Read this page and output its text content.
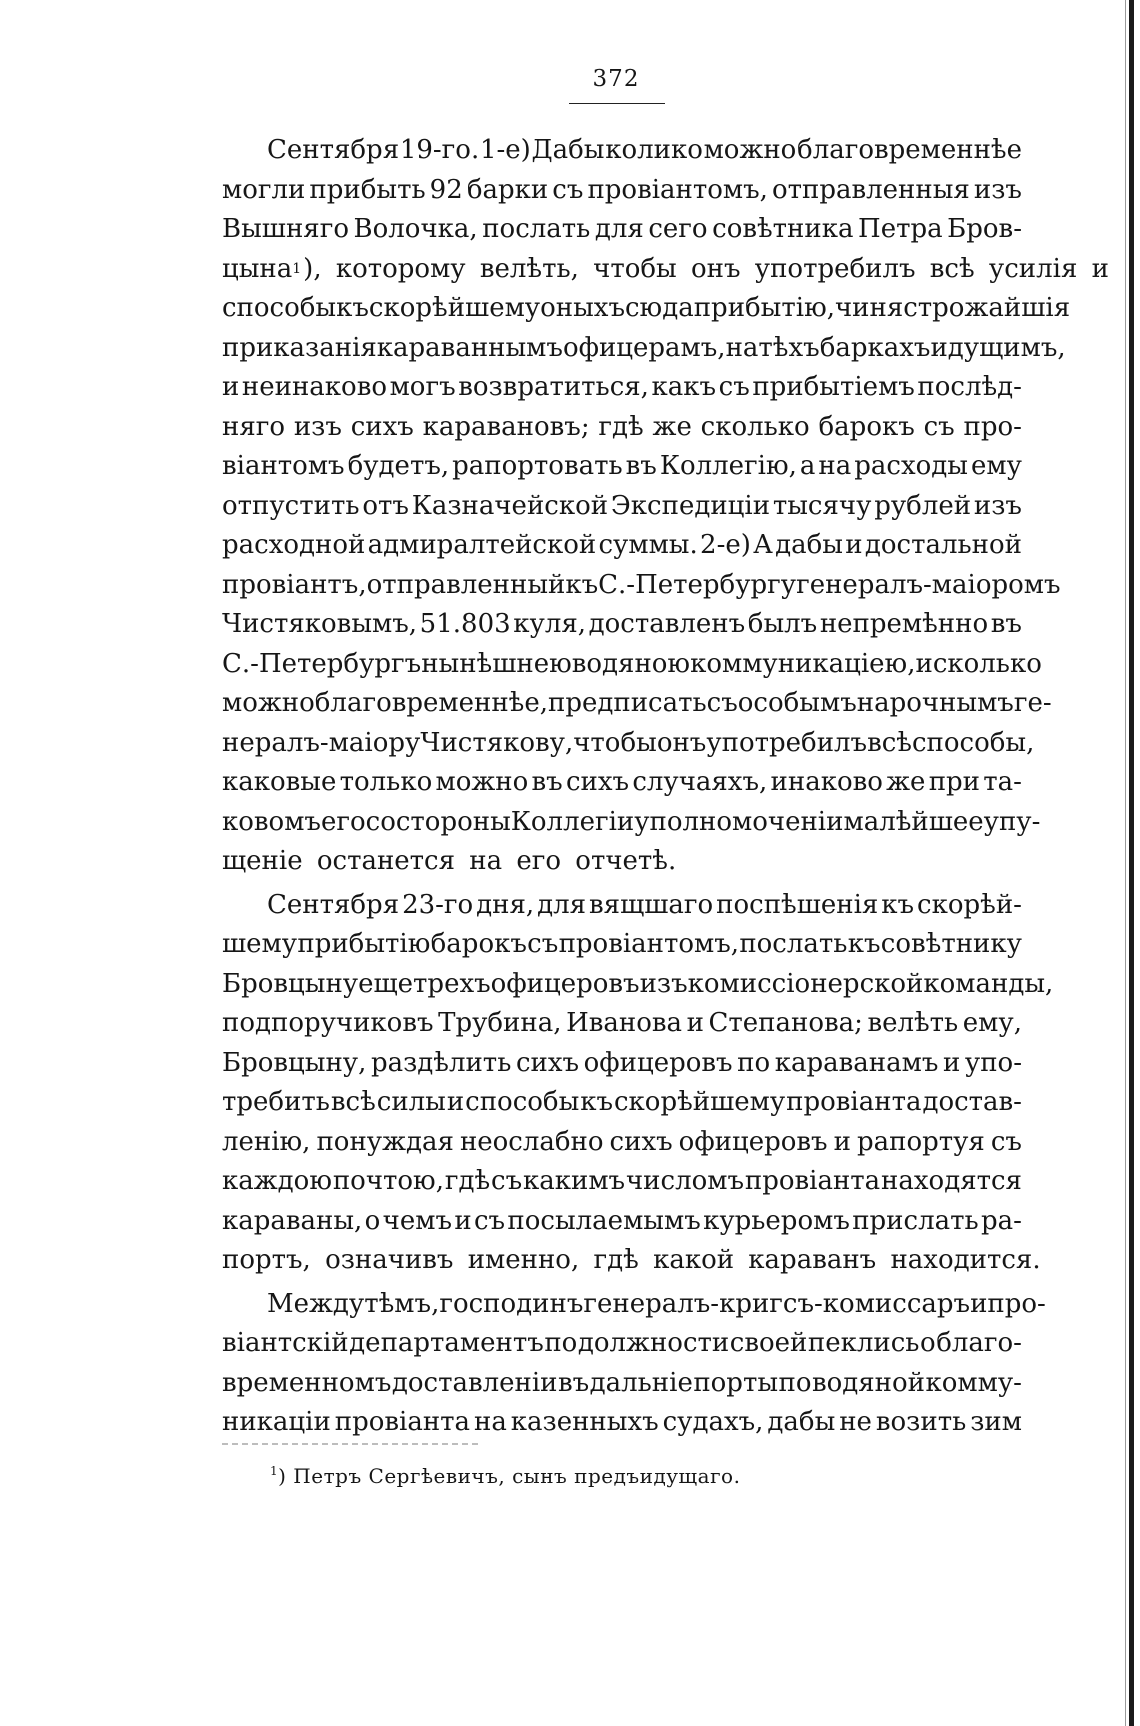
372
Сентября 19-го. 1-е) Дабы колико можно благовременнѣе
могли прибыть 92 барки съ провіантомъ, отправленныя изъ
Вышняго Волочка, послать для сего совѣтника Петра Бров-
цына 1 ), которому велѣть, чтобы онъ употребилъ всѣ усилія и
способы къ скорѣйшему оныхъ сюда прибытію, чиня строжайшія
приказанія караваннымъ офицерамъ, на тѣхъ баркахъ идущимъ,
и неинаково могъ возвратиться, какъ съ прибытіемъ послѣд-
няго изъ сихъ каравановъ; гдѣ же сколько барокъ съ про-
віантомъ будетъ, рапортовать въ Коллегію, а на расходы ему
отпустить отъ Казначейской Экспедиціи тысячу рублей изъ
расходной адмиралтейской суммы. 2-е) А дабы и достальной
провіантъ, отправленный къ С.-Петербургу генералъ-маіоромъ
Чистяковымъ, 51.803 куля, доставленъ былъ непремѣнно въ
С.-Петербургъ нынѣшнею водяною коммуникаціею, и сколько
можно благовременнѣе, предписать съ особымъ нарочнымъ ге-
нералъ-маіору Чистякову, чтобы онъ употребилъ всѣ способы,
каковые только можно въ сихъ случаяхъ, инаково же при та-
ковомъ его со стороны Коллегіи уполномоченіи малѣйшее упу-
щеніе останется на его отчетѣ.
Сентября 23-го дня, для вящшаго поспѣшенія къ скорѣй-
шему прибытію барокъ съ провіантомъ, послать къ совѣтнику
Бровцыну еще трехъ офицеровъ изъ комиссіонерской команды,
подпоручиковъ Трубина, Иванова и Степанова; велѣть ему,
Бровцыну, раздѣлить сихъ офицеровъ по караванамъ и упо-
требить всѣ силы и способы къ скорѣйшему провіанта достав-
ленію, понуждая неослабно сихъ офицеровъ и рапортуя съ
каждою почтою, гдѣ съ какимъ числомъ провіанта находятся
караваны, о чемъ и съ посылаемымъ курьеромъ прислать ра-
портъ, означивъ именно, гдѣ какой караванъ находится.
Между тѣмъ, господинъ генералъ-кригсъ-комиссаръ и про-
віантскій департаментъ по должности своей пеклись о благо-
временномъ доставленіи въ дальніе порты по водяной комму-
никаціи провіанта на казенныхъ судахъ, дабы не возить зим
$^1$) Петръ Сергѣевичъ, сынъ предъидущаго.
